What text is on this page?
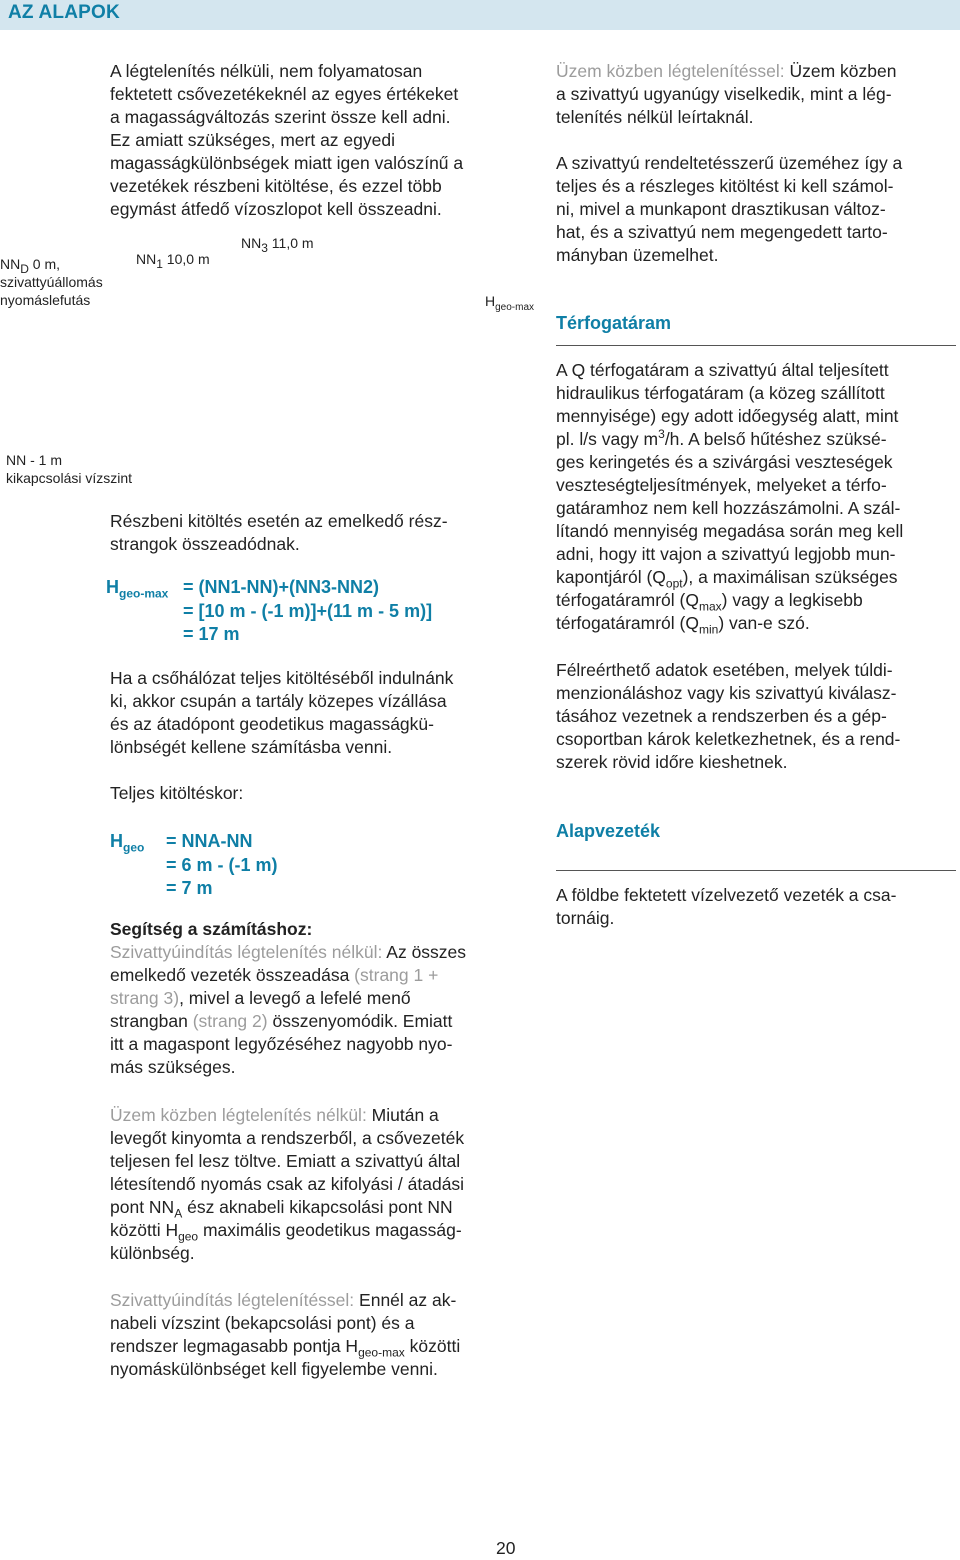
AZ ALAPOK

A légtelenítés nélküli, nem folyamatosan

fektetett csővezetékeknél az egyes értékeket

a magasságváltozás szerint össze kell adni.

Ez amiatt szükséges, mert az egyedi

magasságkülönbségek miatt igen valószínű a

vezetékek részbeni kitöltése, és ezzel több

egymást átfedő vízoszlopot kell összeadni.

$NN_D$ 0 m,

szivattyúállomás

nyomáslefutás

$NN_1$ 10,0 m
$NN_3$ 11,0 m
$H_{geo-max}$

NN - 1 m

kikapcsolási vízszint

Részbeni kitöltés esetén az emelkedő rész-

strangok összeadódnak.

$H_{geo-max} = (NN1-NN)+(NN3-NN2)$

= [10 m - (-1 m)]+(11 m - 5 m)]

= 17 m

Ha a csőhálózat teljes kitöltéséből indulnánk

ki, akkor csupán a tartály közepes vízállása

és az átadópont geodetikus magasságkü-

lönbségét kellene számításba venni.

Teljes kitöltéskor:
$H_{geo} = NNA-NN$

= 6 m - (-1 m)

= 7 m

Segítség a számításhoz:

Szivattyúindítás légtelenítés nélkül: Az összes

emelkedő vezeték összeadása (strang 1 +

strang 3), mivel a levegő a lefelé menő

strangban (strang 2) összenyomódik. Emiatt

itt a magaspont legyőzéséhez nagyobb nyo-

más szükséges.

Üzem közben légtelenítés nélkül: Miután a

levegőt kinyomta a rendszerből, a csővezeték

teljesen fel lesz töltve. Emiatt a szivattyú által

létesítendő nyomás csak az kifolyási / átadási

pont $NN_A$ ész aknabeli kikapcsolási pont NN

közötti $H_{geo}$ maximális geodetikus magasság-

különbség.

Szivattyúindítás légtelenítéssel: Ennél az ak-

nabeli vízszint (bekapcsolási pont) és a

rendszer legmagasabb pontja $H_{geo-max}$ közötti

nyomáskülönbséget kell figyelembe venni.

Üzem közben légtelenítéssel: Üzem közben

a szivattyú ugyanúgy viselkedik, mint a lég-

telenítés nélkül leírtaknál.

A szivattyú rendeltetésszerű üzeméhez így a

teljes és a részleges kitöltést ki kell számol-

ni, mivel a munkapont drasztikusan változ-

hat, és a szivattyú nem megengedett tarto-

mányban üzemelhet.

Térfogatáram

A Q térfogatáram a szivattyú által teljesített

hidraulikus térfogatáram (a közeg szállított

mennyisége) egy adott időegység alatt, mint

pl. l/s vagy $m^3/h$. A belső hűtéshez szüksé-

ges keringetés és a szivárgási veszteségek

veszteségteljesítmények, melyeket a térfo-

gatáramhoz nem kell hozzászámolni. A szál-

lítandó mennyiség megadása során meg kell

adni, hogy itt vajon a szivattyú legjobb mun-

kapontjáról $(Q_{opt})$, a maximálisan szükséges

térfogatáramról $(Q_{max})$ vagy a legkisebb

térfogatáramról $(Q_{min})$ van-e szó.

Félreérthető adatok esetében, melyek túldi-

menzionáláshoz vagy kis szivattyú kiválasz-

tásához vezetnek a rendszerben és a gép-

csoportban károk keletkezhetnek, és a rend-

szerek rövid időre kieshetnek.

Alapvezeték

A földbe fektetett vízelvezető vezeték a csa-

tornáig.

20
